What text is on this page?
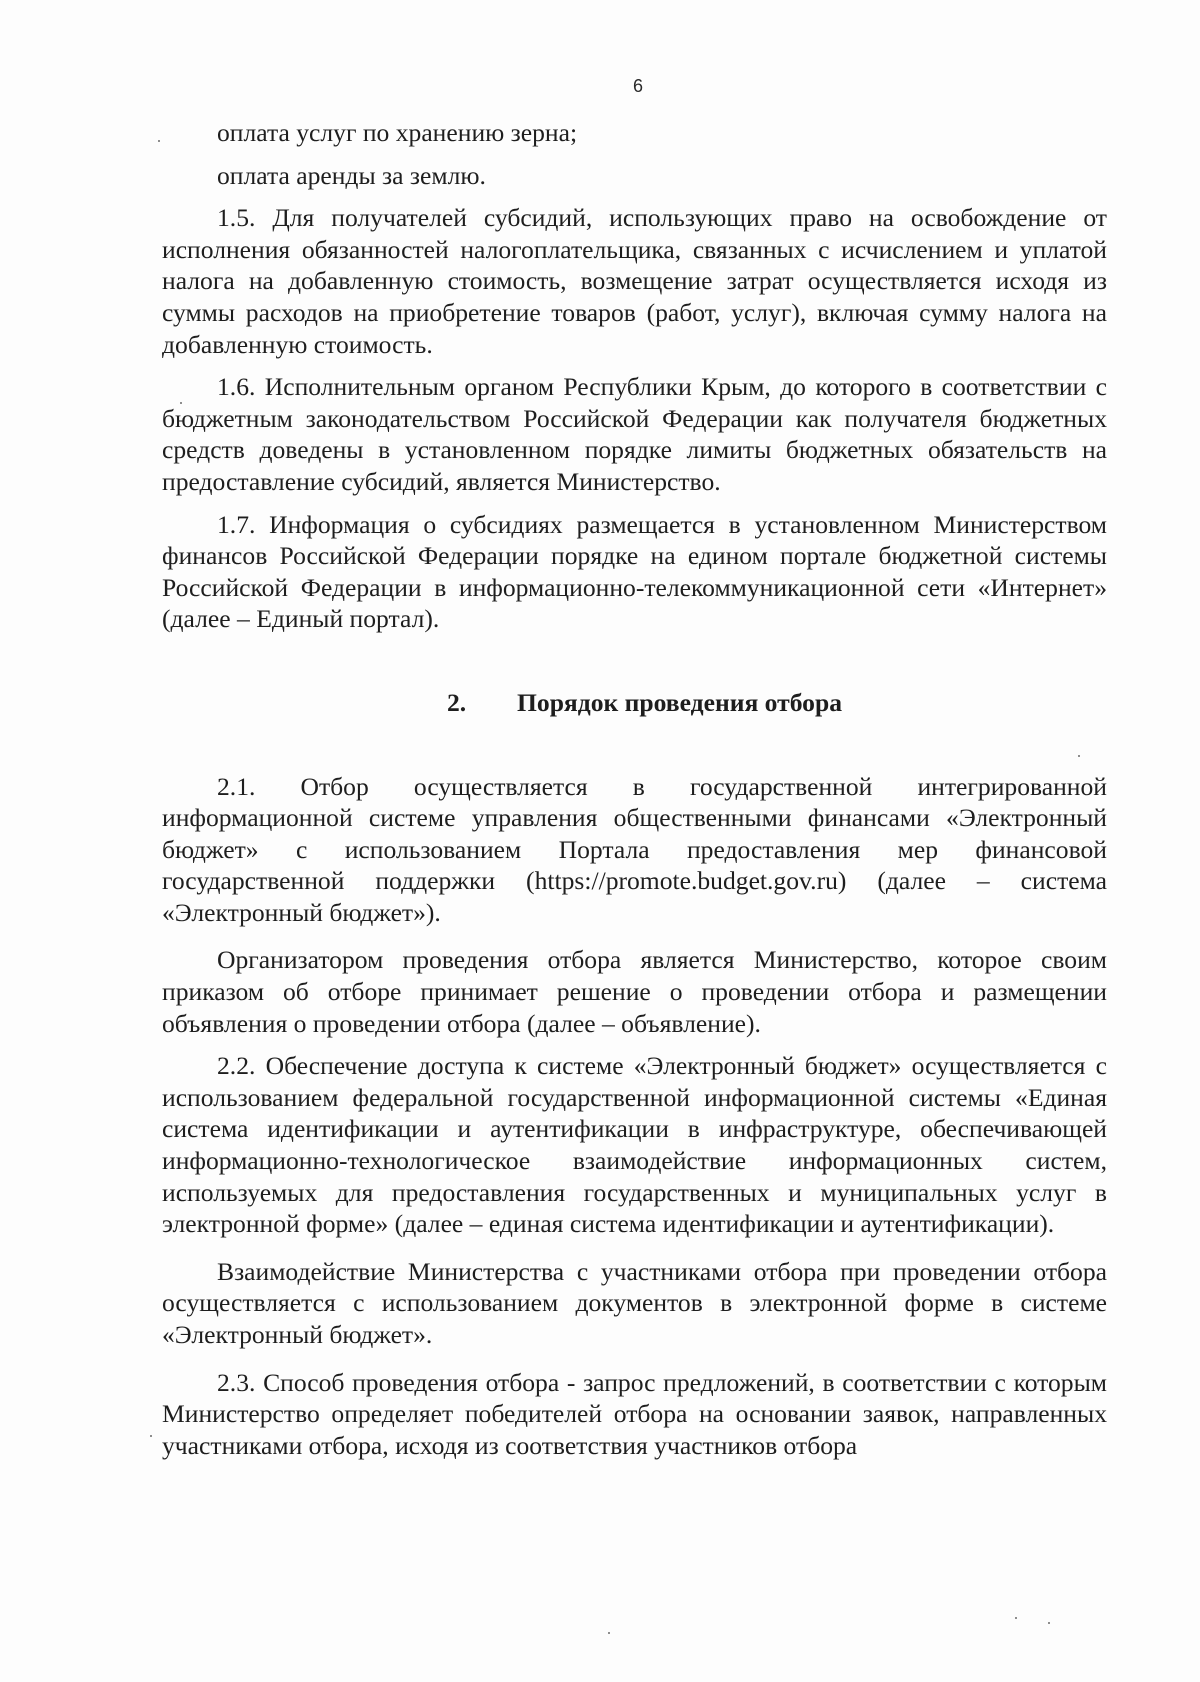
6

оплата услуг по хранению зерна;

оплата аренды за землю.

1.5. Для получателей субсидий, использующих право на освобождение от исполнения обязанностей налогоплательщика, связанных с исчислением и уплатой налога на добавленную стоимость, возмещение затрат осуществляется исходя из суммы расходов на приобретение товаров (работ, услуг), включая сумму налога на добавленную стоимость.

1.6. Исполнительным органом Республики Крым, до которого в соответствии с бюджетным законодательством Российской Федерации как получателя бюджетных средств доведены в установленном порядке лимиты бюджетных обязательств на предоставление субсидий, является Министерство.

1.7. Информация о субсидиях размещается в установленном Министерством финансов Российской Федерации порядке на едином портале бюджетной системы Российской Федерации в информационно-телекоммуникационной сети «Интернет» (далее – Единый портал).

2. Порядок проведения отбора

2.1. Отбор осуществляется в государственной интегрированной информационной системе управления общественными финансами «Электронный бюджет» с использованием Портала предоставления мер финансовой государственной поддержки (https://promote.budget.gov.ru) (далее – система «Электронный бюджет»).

Организатором проведения отбора является Министерство, которое своим приказом об отборе принимает решение о проведении отбора и размещении объявления о проведении отбора (далее – объявление).

2.2. Обеспечение доступа к системе «Электронный бюджет» осуществляется с использованием федеральной государственной информационной системы «Единая система идентификации и аутентификации в инфраструктуре, обеспечивающей информационно-технологическое взаимодействие информационных систем, используемых для предоставления государственных и муниципальных услуг в электронной форме» (далее – единая система идентификации и аутентификации).

Взаимодействие Министерства с участниками отбора при проведении отбора осуществляется с использованием документов в электронной форме в системе «Электронный бюджет».

2.3. Способ проведения отбора - запрос предложений, в соответствии с которым Министерство определяет победителей отбора на основании заявок, направленных участниками отбора, исходя из соответствия участников отбора
